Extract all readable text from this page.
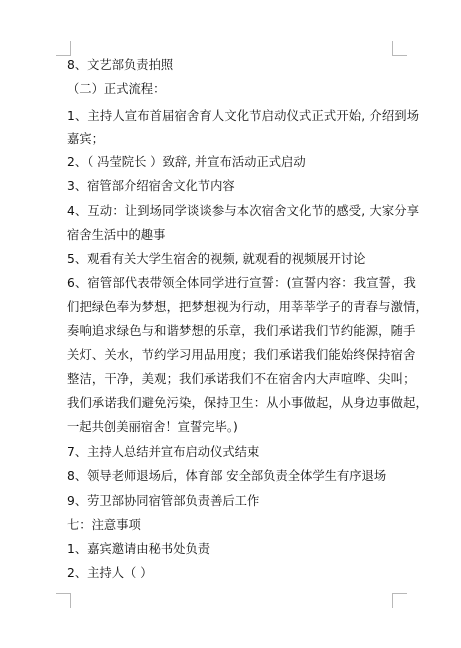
8、文艺部负责拍照
（二）正式流程：
1、主持人宣布首届宿舍育人文化节启动仪式正式开始, 介绍到场
嘉宾；
2、（ 冯莹院长 ）致辞, 并宣布活动正式启动
3、宿管部介绍宿舍文化节内容
4、互动：让到场同学谈谈参与本次宿舍文化节的感受, 大家分享
宿舍生活中的趣事
5、观看有关大学生宿舍的视频, 就观看的视频展开讨论
6、宿管部代表带领全体同学进行宣誓：(宣誓内容：我宣誓，我
们把绿色奉为梦想，把梦想视为行动，用莘莘学子的青春与激情，
奏响追求绿色与和谐梦想的乐章，我们承诺我们节约能源，随手
关灯、关水，节约学习用品用度；我们承诺我们能始终保持宿舍
整洁，干净，美观；我们承诺我们不在宿舍内大声喧哗、尖叫；
我们承诺我们避免污染，保持卫生：从小事做起，从身边事做起，
一起共创美丽宿舍！宣誓完毕。)
7、主持人总结并宣布启动仪式结束
8、领导老师退场后，体育部 安全部负责全体学生有序退场
9、劳卫部协同宿管部负责善后工作
七：注意事项
1、嘉宾邀请由秘书处负责
2、主持人（ ）
